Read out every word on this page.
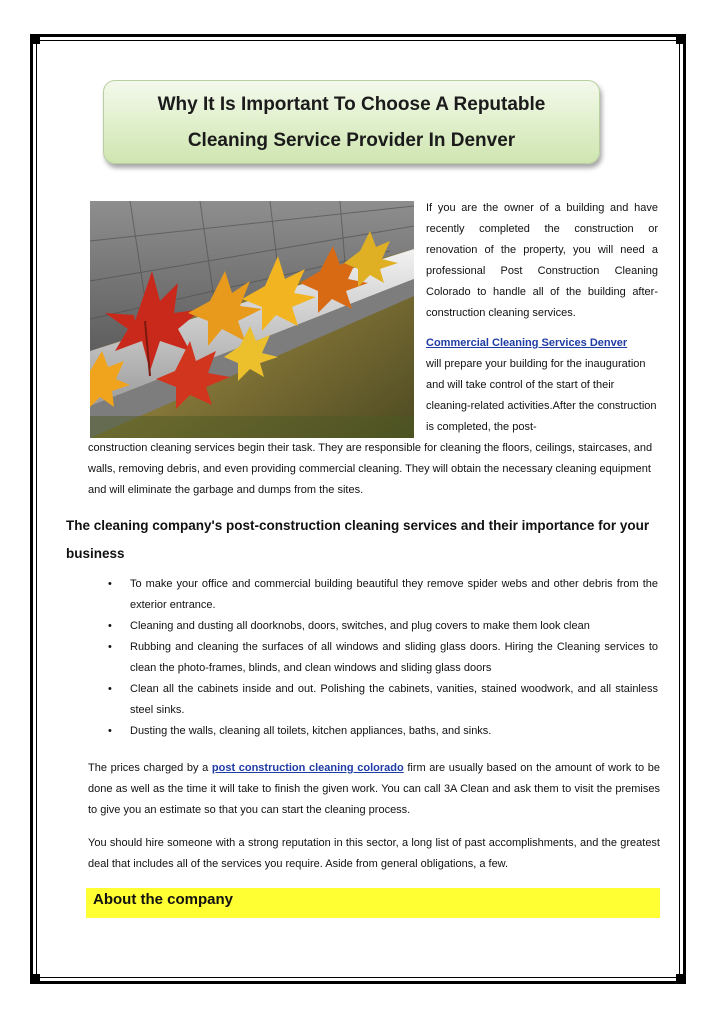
Why It Is Important To Choose A Reputable
Cleaning Service Provider In Denver
If you are the owner of a building and have recently completed the construction or renovation of the property, you will need a professional Post Construction Cleaning Colorado to handle all of the building after-construction cleaning services.
Commercial Cleaning Services Denver
will prepare your building for the inauguration and will take control of the start of their cleaning-related activities.After the construction is completed, the post-
construction cleaning services begin their task. They are responsible for cleaning the floors, ceilings, staircases, and walls, removing debris, and even providing commercial cleaning. They will obtain the necessary cleaning equipment and will eliminate the garbage and dumps from the sites.
The cleaning company's post-construction cleaning services and their importance for your business
• To make your office and commercial building beautiful they remove spider webs and other debris from the exterior entrance.
• Cleaning and dusting all doorknobs, doors, switches, and plug covers to make them look clean
• Rubbing and cleaning the surfaces of all windows and sliding glass doors. Hiring the Cleaning services to clean the photo-frames, blinds, and clean windows and sliding glass doors
• Clean all the cabinets inside and out. Polishing the cabinets, vanities, stained woodwork, and all stainless steel sinks.
• Dusting the walls, cleaning all toilets, kitchen appliances, baths, and sinks.
The prices charged by a post construction cleaning colorado firm are usually based on the amount of work to be done as well as the time it will take to finish the given work. You can call 3A Clean and ask them to visit the premises to give you an estimate so that you can start the cleaning process.
You should hire someone with a strong reputation in this sector, a long list of past accomplishments, and the greatest deal that includes all of the services you require. Aside from general obligations, a few.
About the company
